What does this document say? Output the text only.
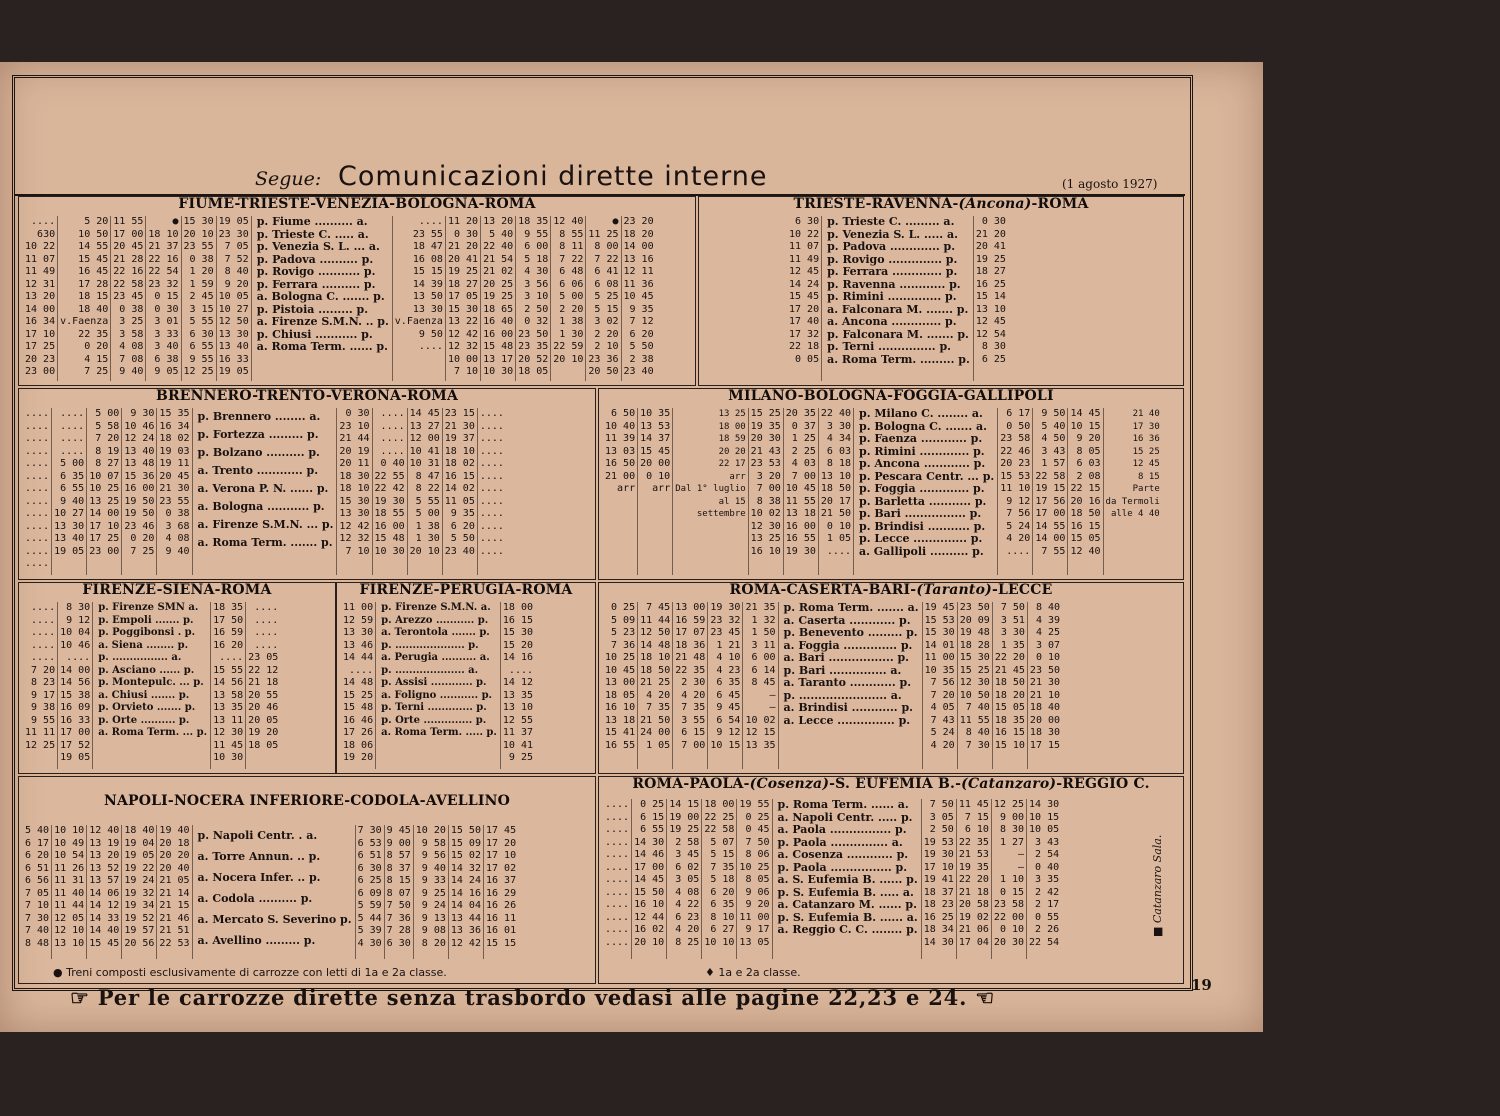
Segue: Comunicazioni dirette interne	(1 agosto 1927)
FIUME-TRIESTE-VENEZIA-BOLOGNA-ROMA
....
630
10 22
11 07
11 49
12 31
13 20
14 00
16 34
17 10
17 25
20 23
23 00
5 20
10 50
14 55
15 45
16 45
17 28
18 15
18 40
v.Faenza
22 35
0 20
4 15
7 25
11 55
17 00
20 45
21 28
22 16
22 58
23 45
0 38
3 25
3 58
4 08
7 08
9 40
●
18 10
21 37
22 16
22 54
23 32
0 15
0 30
3 01
3 33
3 40
6 38
9 05
15 30
20 10
23 55
0 38
1 20
1 59
2 45
3 15
5 55
6 30
6 55
9 55
12 25
19 05
23 30
7 05
7 52
8 40
9 20
10 05
10 27
12 50
13 30
13 40
16 33
19 05
p. Fiume .......... a.
p. Trieste C. ..... a.
p. Venezia S. L. ... a.
p. Padova .......... p.
p. Rovigo ........... p.
p. Ferrara .......... p.
a. Bologna C. ....... p.
p. Pistoia ......... p.
a. Firenze S.M.N. .. p.
p. Chiusi ........... p.
a. Roma Term. ...... p.
....
23 55
18 47
16 08
15 15
14 39
13 50
13 30
v.Faenza
9 50
....
11 20
0 30
21 20
20 41
19 25
18 27
17 05
15 30
13 22
12 42
12 32
10 00
7 10
13 20
5 40
22 40
21 54
21 02
20 25
19 25
18 65
16 40
16 00
15 48
13 17
10 30
18 35
9 55
6 00
5 18
4 30
3 56
3 10
2 50
0 32
23 50
23 35
20 52
18 05
12 40
8 55
8 11
7 22
6 48
6 06
5 00
2 20
1 38
1 30
22 59
20 10
●
11 25
8 00
7 22
6 41
6 08
5 25
5 15
3 02
2 20
2 10
23 36
20 50
23 20
18 20
14 00
13 16
12 11
11 36
10 45
9 35
7 12
6 20
5 50
2 38
23 40
TRIESTE-RAVENNA-(Ancona)-ROMA
6 30
10 22
11 07
11 49
12 45
14 24
15 45
17 20
17 40
17 32
22 18
0 05
p. Trieste C. ......... a.
p. Venezia S. L. ..... a.
p. Padova ............. p.
p. Rovigo .............. p.
p. Ferrara ............. p.
p. Ravenna ............ p.
p. Rimini .............. p.
a. Falconara M. ....... p.
a. Ancona ............. p.
p. Falconara M. ....... p.
p. Terni ............... p.
a. Roma Term. ......... p.
0 30
21 20
20 41
19 25
18 27
16 25
15 14
13 10
12 45
12 54
8 30
6 25
BRENNERO-TRENTO-VERONA-ROMA
....
....
....
....
....
....
....
....
....
....
....
....
....
....
....
....
....
5 00
6 35
6 55
9 40
10 27
13 30
13 40
19 05
5 00
5 58
7 20
8 19
8 27
10 07
10 25
13 25
14 00
17 10
17 25
23 00
9 30
10 46
12 24
13 40
13 48
15 36
16 00
19 50
19 50
23 46
0 20
7 25
15 35
16 34
18 02
19 03
19 11
20 45
21 30
23 55
0 38
3 68
4 08
9 40
p. Brennero ........ a.
p. Fortezza ......... p.
p. Bolzano .......... p.
a. Trento ............ p.
a. Verona P. N. ...... p.
a. Bologna ........... p.
a. Firenze S.M.N. ... p.
a. Roma Term. ....... p.
0 30
23 10
21 44
20 19
20 11
18 30
18 10
15 30
13 30
12 42
12 32
7 10
....
....
....
....
0 40
22 55
22 42
19 30
18 55
16 00
15 48
10 30
14 45
13 27
12 00
10 41
10 31
8 47
8 22
5 55
5 00
1 38
1 30
20 10
23 15
21 30
19 37
18 10
18 02
16 15
14 02
11 05
9 35
6 20
5 50
23 40
....
....
....
....
....
....
....
....
....
....
....
....
MILANO-BOLOGNA-FOGGIA-GALLIPOLI
6 50
10 40
11 39
13 03
16 50
21 00
arr
10 35
13 53
14 37
15 45
20 00
0 10
arr
13 25
18 00
18 59
20 20
22 17
arr
Dal 1° luglio
al 15
settembre
15 25
19 35
20 30
21 43
23 53
3 20
7 00
8 38
10 02
12 30
13 25
16 10
20 35
0 37
1 25
2 25
4 03
7 00
10 45
11 55
13 18
16 00
16 55
19 30
22 40
3 30
4 34
6 03
8 18
13 10
18 50
20 17
21 50
0 10
1 05
....
p. Milano C. ........ a.
p. Bologna C. ....... a.
p. Faenza ............ p.
p. Rimini ............. p.
p. Ancona ............ p.
p. Pescara Centr. ... p.
p. Foggia ............. p.
p. Barletta ........... p.
p. Bari ................ p.
p. Brindisi ........... p.
p. Lecce .............. p.
a. Gallipoli .......... p.
6 17
0 50
23 58
22 46
20 23
15 53
11 10
9 12
7 56
5 24
4 20
....
9 50
5 40
4 50
3 43
1 57
22 58
19 15
17 56
17 00
14 55
14 00
7 55
14 45
10 15
9 20
8 05
6 03
2 08
22 15
20 16
18 50
16 15
15 05
12 40
21 40
17 30
16 36
15 25
12 45
8 15
Parte
da Termoli
alle 4 40
FIRENZE-SIENA-ROMA
....
....
....
....
....
7 20
8 23
9 17
9 38
9 55
11 11
12 25
8 30
9 12
10 04
10 46
....
14 00
14 56
15 38
16 09
16 33
17 00
17 52
19 05
p. Firenze SMN a.
p. Empoli ....... p.
p. Poggibonsi . p.
a. Siena ........ p.
p. ................ a.
p. Asciano ...... p.
p. Montepulc. ... p.
a. Chiusi ....... p.
p. Orvieto ....... p.
p. Orte .......... p.
a. Roma Term. ... p.
18 35
17 50
16 59
16 20
....
15 55
14 56
13 58
13 35
13 11
12 30
11 45
10 30
....
....
....
....
23 05
22 12
21 18
20 55
20 46
20 05
19 20
18 05
FIRENZE-PERUGIA-ROMA
11 00
12 59
13 30
13 46
14 44
....
14 48
15 25
15 48
16 46
17 26
18 06
19 20
p. Firenze S.M.N. a.
p. Arezzo ........... p.
a. Terontola ....... p.
p. .................... p.
a. Perugia .......... a.
p. .................... a.
p. Assisi ............ p.
a. Foligno ........... p.
p. Terni ............. p.
p. Orte .............. p.
a. Roma Term. ..... p.
18 00
16 15
15 30
15 20
14 16
....
14 12
13 35
13 10
12 55
11 37
10 41
9 25
ROMA-CASERTA-BARI-(Taranto)-LECCE
0 25
5 09
5 23
7 36
10 25
10 45
13 00
18 05
16 10
13 18
15 41
16 55
7 45
11 44
12 50
14 48
18 10
18 50
21 25
4 20
7 35
21 50
24 00
1 05
13 00
16 59
17 07
18 36
21 48
22 35
2 30
4 20
7 35
3 55
6 15
7 00
19 30
23 32
23 45
1 21
4 10
4 23
6 35
6 45
9 45
6 54
9 12
10 15
21 35
1 32
1 50
3 11
6 00
6 14
8 45
—
—
10 02
12 15
13 35
p. Roma Term. ....... a.
a. Caserta ............ p.
p. Benevento ......... p.
a. Foggia .............. p.
a. Bari ................. p.
p. Bari ............... a.
a. Taranto ............ p.
p. ....................... a.
a. Brindisi ............ p.
a. Lecce ............... p.
19 45
15 53
15 30
14 01
11 00
10 35
7 56
7 20
4 05
7 43
5 24
4 20
23 50
20 09
19 48
18 28
15 30
15 25
12 30
10 50
7 40
11 55
8 40
7 30
7 50
3 51
3 30
1 35
22 20
21 45
18 50
18 20
15 05
18 35
16 15
15 10
8 40
4 39
4 25
3 07
0 10
23 50
21 30
21 10
18 40
20 00
18 30
17 15
NAPOLI-NOCERA INFERIORE-CODOLA-AVELLINO
5 40
6 17
6 20
6 51
6 56
7 05
7 10
7 30
7 40
8 48
10 10
10 49
10 54
11 26
11 31
11 40
11 44
12 05
12 10
13 10
12 40
13 19
13 20
13 52
13 57
14 06
14 12
14 33
14 40
15 45
18 40
19 04
19 05
19 22
19 24
19 32
19 34
19 52
19 57
20 56
19 40
20 18
20 20
20 40
21 05
21 14
21 15
21 46
21 51
22 53
p. Napoli Centr. . a.
a. Torre Annun. .. p.
a. Nocera Infer. .. p.
a. Codola .......... p.
a. Mercato S. Severino p.
a. Avellino ......... p.
7 30
6 53
6 51
6 30
6 25
6 09
5 59
5 44
5 39
4 30
9 45
9 00
8 57
8 37
8 15
8 07
7 50
7 36
7 28
6 30
10 20
9 58
9 56
9 40
9 33
9 25
9 24
9 13
9 08
8 20
15 50
15 09
15 02
14 32
14 24
14 16
14 04
13 44
13 36
12 42
17 45
17 20
17 10
17 02
16 37
16 29
16 26
16 11
16 01
15 15
● Treni composti esclusivamente di carrozze con letti di 1a e 2a classe.
ROMA-PAOLA-(Cosenza)-S. EUFEMIA B.-(Catanzaro)-REGGIO C.
....
....
....
....
....
....
....
....
....
....
....
....
0 25
6 15
6 55
14 30
14 46
17 00
14 45
15 50
16 10
12 44
16 02
20 10
14 15
19 00
19 25
2 58
3 45
6 02
3 05
4 08
4 22
6 23
4 20
8 25
18 00
22 25
22 58
5 07
5 15
7 35
5 18
6 20
6 35
8 10
6 27
10 10
19 55
0 25
0 45
7 50
8 06
10 25
8 05
9 06
9 20
11 00
9 17
13 05
p. Roma Term. ...... a.
a. Napoli Centr. ..... p.
a. Paola ................ p.
p. Paola ............... a.
a. Cosenza ............ p.
p. Paola ................ p.
a. S. Eufemia B. ...... p.
p. S. Eufemia B. ..... a.
a. Catanzaro M. ...... p.
p. S. Eufemia B. ...... a.
a. Reggio C. C. ........ p.
7 50
3 05
2 50
19 53
19 30
17 10
19 41
18 37
18 23
16 25
18 34
14 30
11 45
7 15
6 10
22 35
21 53
19 35
22 20
21 18
20 58
19 02
21 06
17 04
12 25
9 00
8 30
1 27
—
—
1 10
0 15
23 58
22 00
0 10
20 30
14 30
10 15
10 05
3 43
2 54
0 40
3 35
2 42
2 17
0 55
2 26
22 54
■ Catanzaro Sala.
♦ 1a e 2a classe.
☞ Per le carrozze dirette senza trasbordo vedasi alle pagine 22,23 e 24. ☜	19
